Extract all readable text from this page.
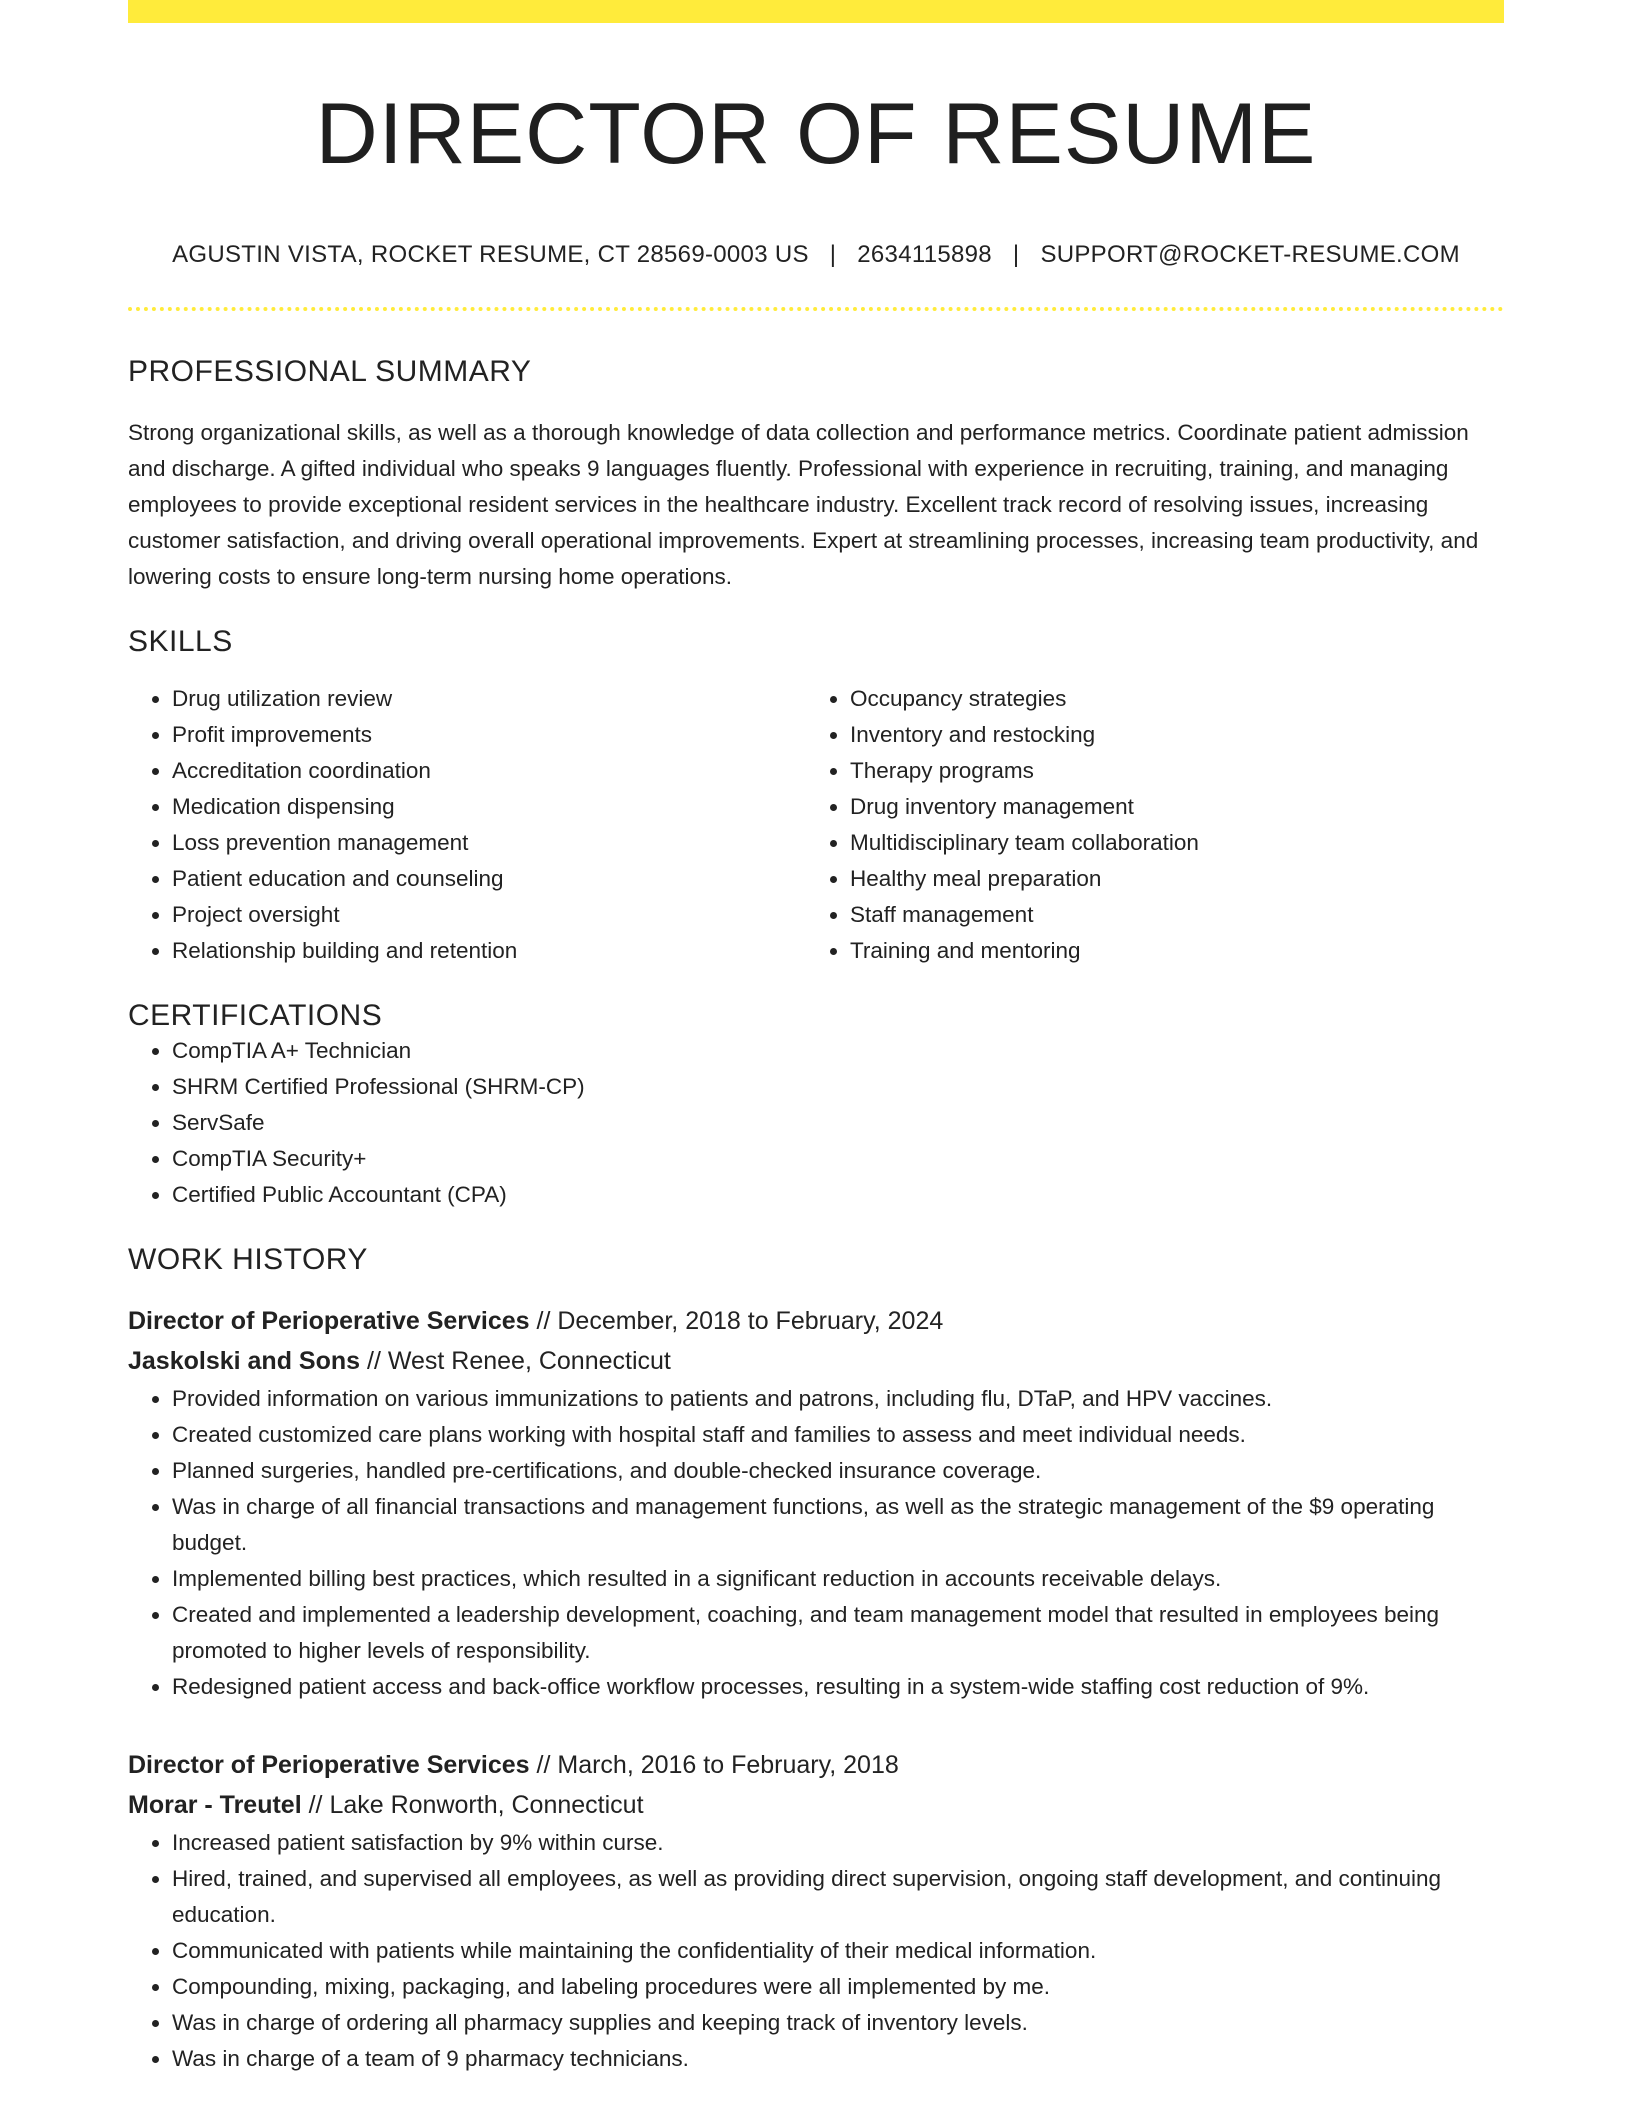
DIRECTOR OF RESUME
AGUSTIN VISTA, ROCKET RESUME, CT 28569-0003 US | 2634115898 | SUPPORT@ROCKET-RESUME.COM
PROFESSIONAL SUMMARY

Strong organizational skills, as well as a thorough knowledge of data collection and performance metrics. Coordinate patient admission and discharge. A gifted individual who speaks 9 languages fluently. Professional with experience in recruiting, training, and managing employees to provide exceptional resident services in the healthcare industry. Excellent track record of resolving issues, increasing customer satisfaction, and driving overall operational improvements. Expert at streamlining processes, increasing team productivity, and lowering costs to ensure long-term nursing home operations.

SKILLS
• Drug utilization review
• Profit improvements
• Accreditation coordination
• Medication dispensing
• Loss prevention management
• Patient education and counseling
• Project oversight
• Relationship building and retention
• Occupancy strategies
• Inventory and restocking
• Therapy programs
• Drug inventory management
• Multidisciplinary team collaboration
• Healthy meal preparation
• Staff management
• Training and mentoring
CERTIFICATIONS
• CompTIA A+ Technician
• SHRM Certified Professional (SHRM-CP)
• ServSafe
• CompTIA Security+
• Certified Public Accountant (CPA)
WORK HISTORY
Director of Perioperative Services // December, 2018 to February, 2024
Jaskolski and Sons // West Renee, Connecticut
• Provided information on various immunizations to patients and patrons, including flu, DTaP, and HPV vaccines.
• Created customized care plans working with hospital staff and families to assess and meet individual needs.
• Planned surgeries, handled pre-certifications, and double-checked insurance coverage.
• Was in charge of all financial transactions and management functions, as well as the strategic management of the $9 operating budget.
• Implemented billing best practices, which resulted in a significant reduction in accounts receivable delays.
• Created and implemented a leadership development, coaching, and team management model that resulted in employees being promoted to higher levels of responsibility.
• Redesigned patient access and back-office workflow processes, resulting in a system-wide staffing cost reduction of 9%.
Director of Perioperative Services // March, 2016 to February, 2018
Morar - Treutel // Lake Ronworth, Connecticut
• Increased patient satisfaction by 9% within curse.
• Hired, trained, and supervised all employees, as well as providing direct supervision, ongoing staff development, and continuing education.
• Communicated with patients while maintaining the confidentiality of their medical information.
• Compounding, mixing, packaging, and labeling procedures were all implemented by me.
• Was in charge of ordering all pharmacy supplies and keeping track of inventory levels.
• Was in charge of a team of 9 pharmacy technicians.
